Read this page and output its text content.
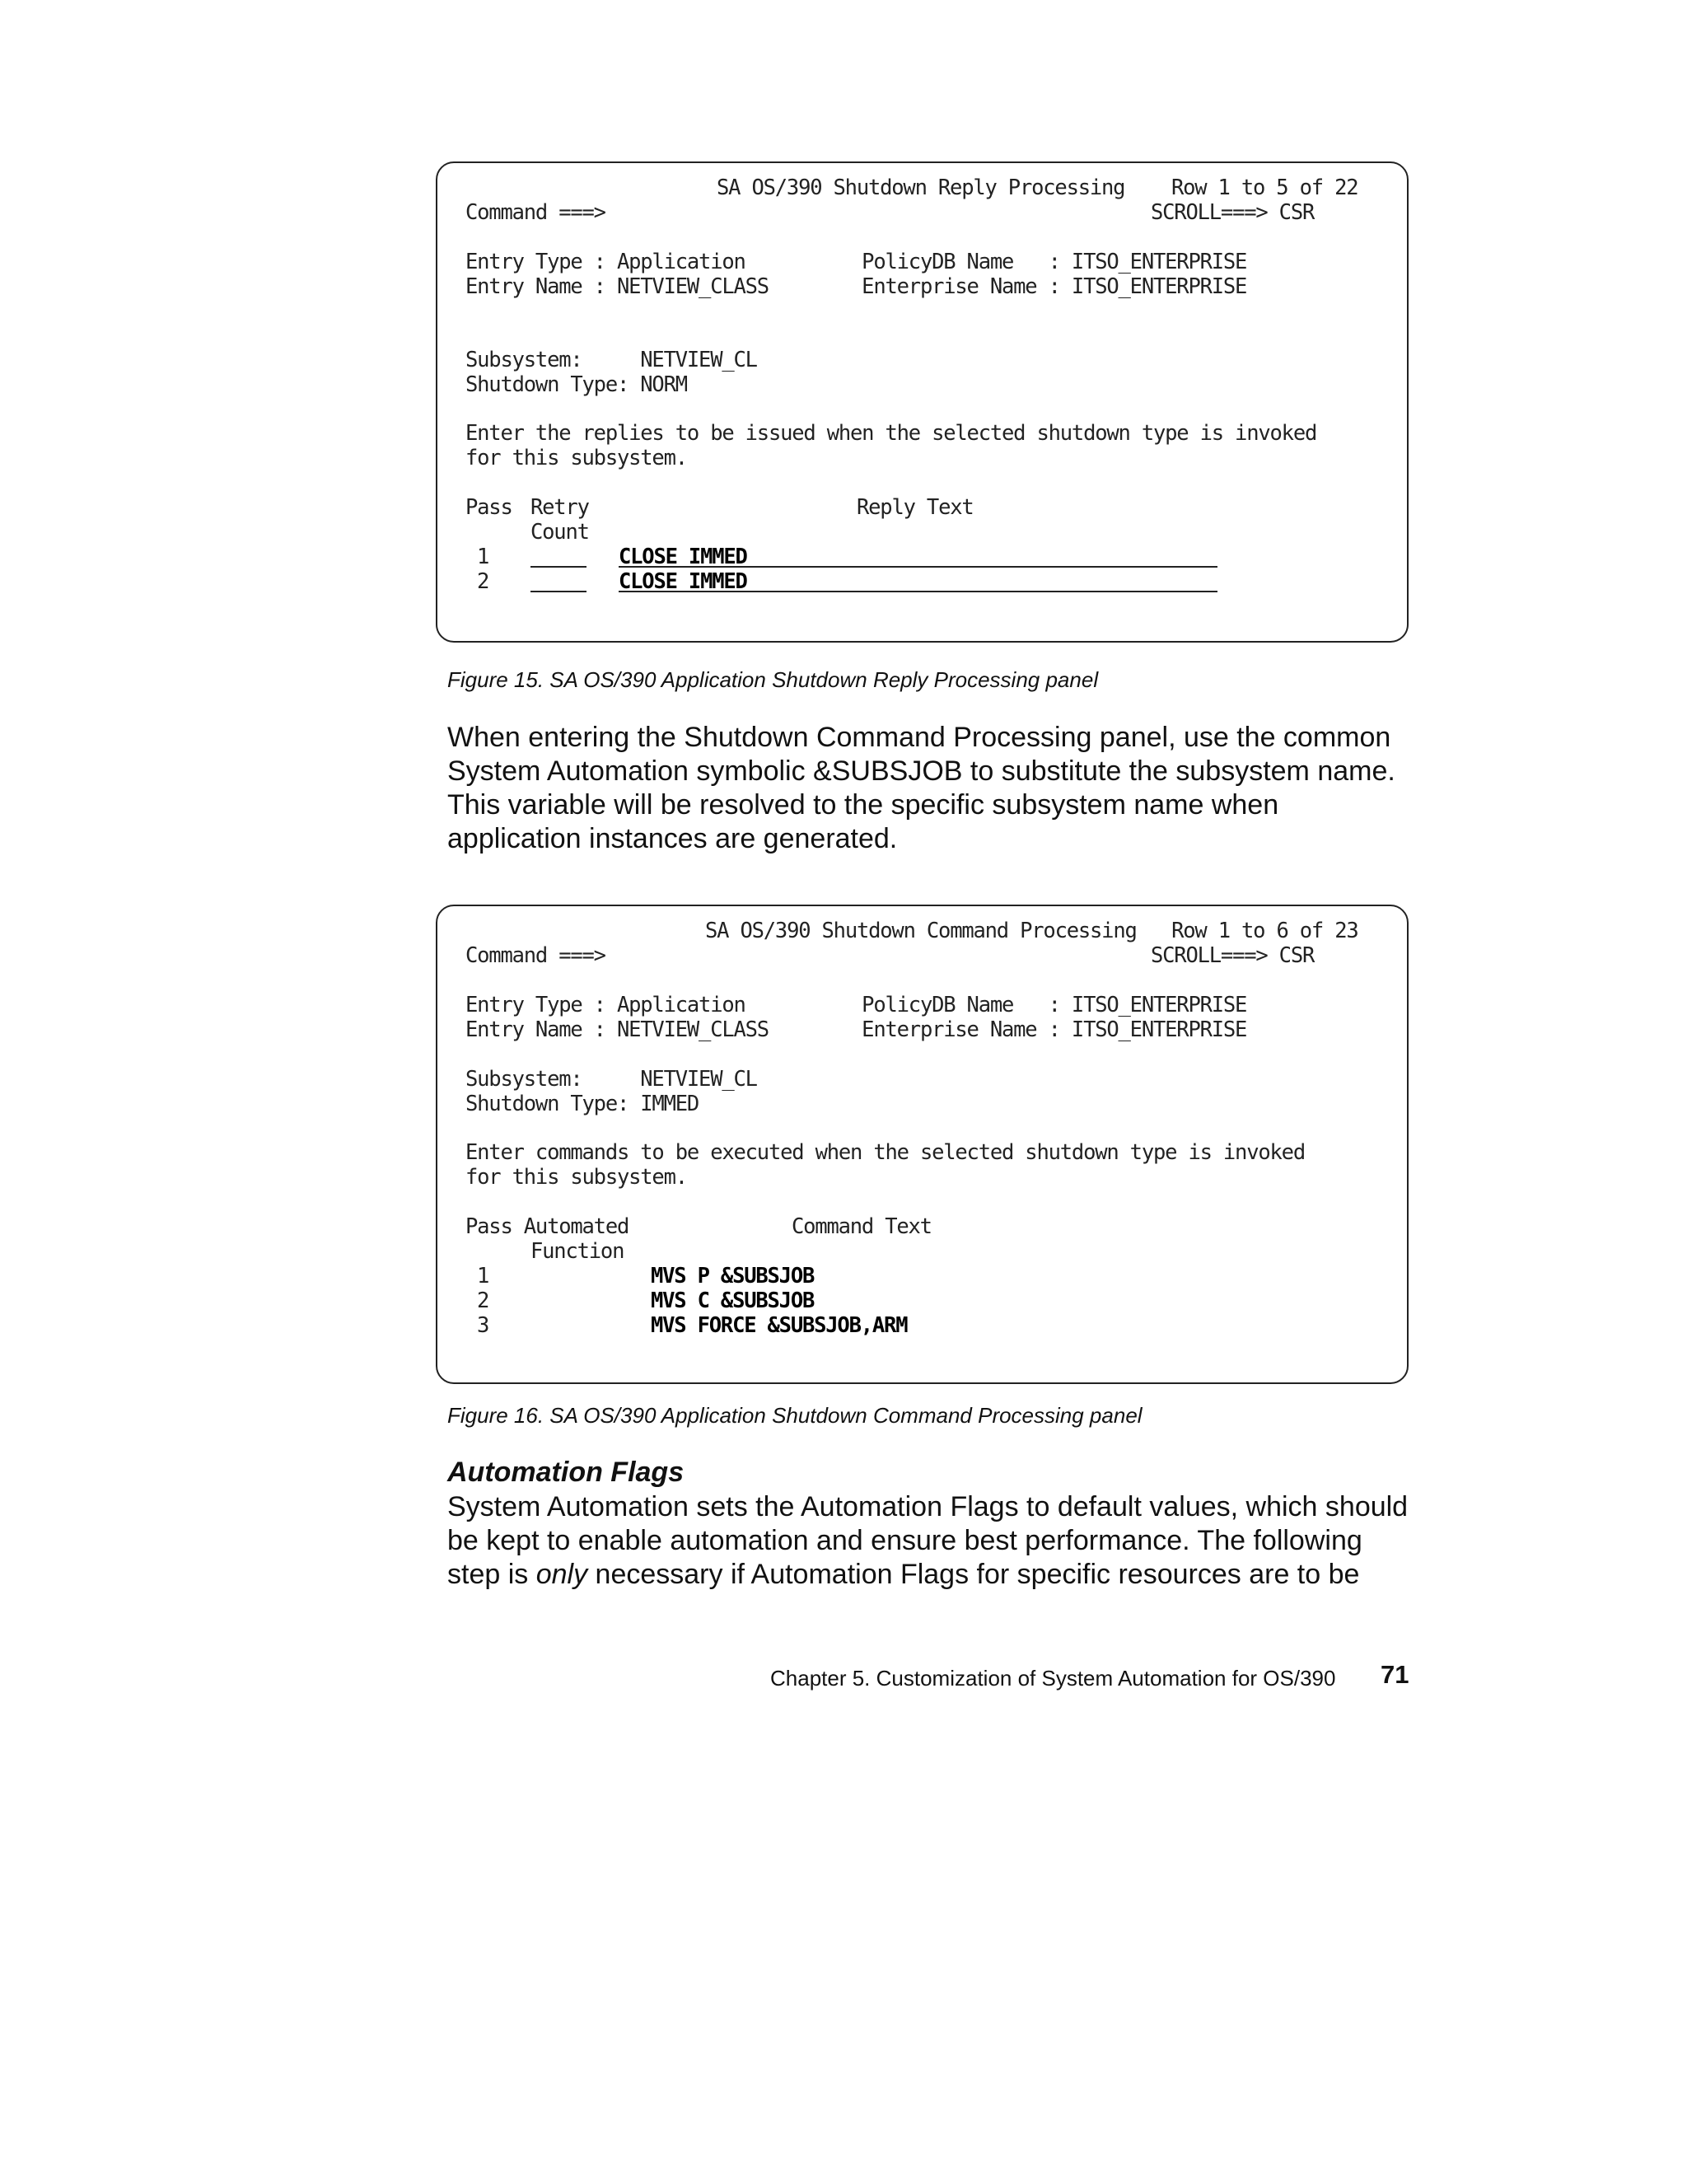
SA OS/390 Shutdown Reply Processing    Row 1 to 5 of 22
Command ===>	SCROLL===> CSR
Entry Type : Application          PolicyDB Name   : ITSO_ENTERPRISE
Entry Name : NETVIEW_CLASS        Enterprise Name : ITSO_ENTERPRISE
Subsystem:     NETVIEW_CL
Shutdown Type: NORM
Enter the replies to be issued when the selected shutdown type is invoked
for this subsystem.
Pass Retry
Count
Reply Text
1	CLOSE IMMED
2	CLOSE IMMED
Figure 15. SA OS/390 Application Shutdown Reply Processing panel
When entering the Shutdown Command Processing panel, use the common System Automation symbolic &SUBSJOB to substitute the subsystem name. This variable will be resolved to the specific subsystem name when application instances are generated.
SA OS/390 Shutdown Command Processing   Row 1 to 6 of 23
Command ===>	SCROLL===> CSR
Entry Type : Application          PolicyDB Name   : ITSO_ENTERPRISE
Entry Name : NETVIEW_CLASS        Enterprise Name : ITSO_ENTERPRISE
Subsystem:     NETVIEW_CL
Shutdown Type: IMMED
Enter commands to be executed when the selected shutdown type is invoked
for this subsystem.
Pass Automated
Function
Command Text
1	MVS P &SUBSJOB
2	MVS C &SUBSJOB
3	MVS FORCE &SUBSJOB,ARM
Figure 16. SA OS/390 Application Shutdown Command Processing panel
Automation Flags
System Automation sets the Automation Flags to default values, which should be kept to enable automation and ensure best performance. The following step is only necessary if Automation Flags for specific resources are to be
Chapter 5. Customization of System Automation for OS/390 71
